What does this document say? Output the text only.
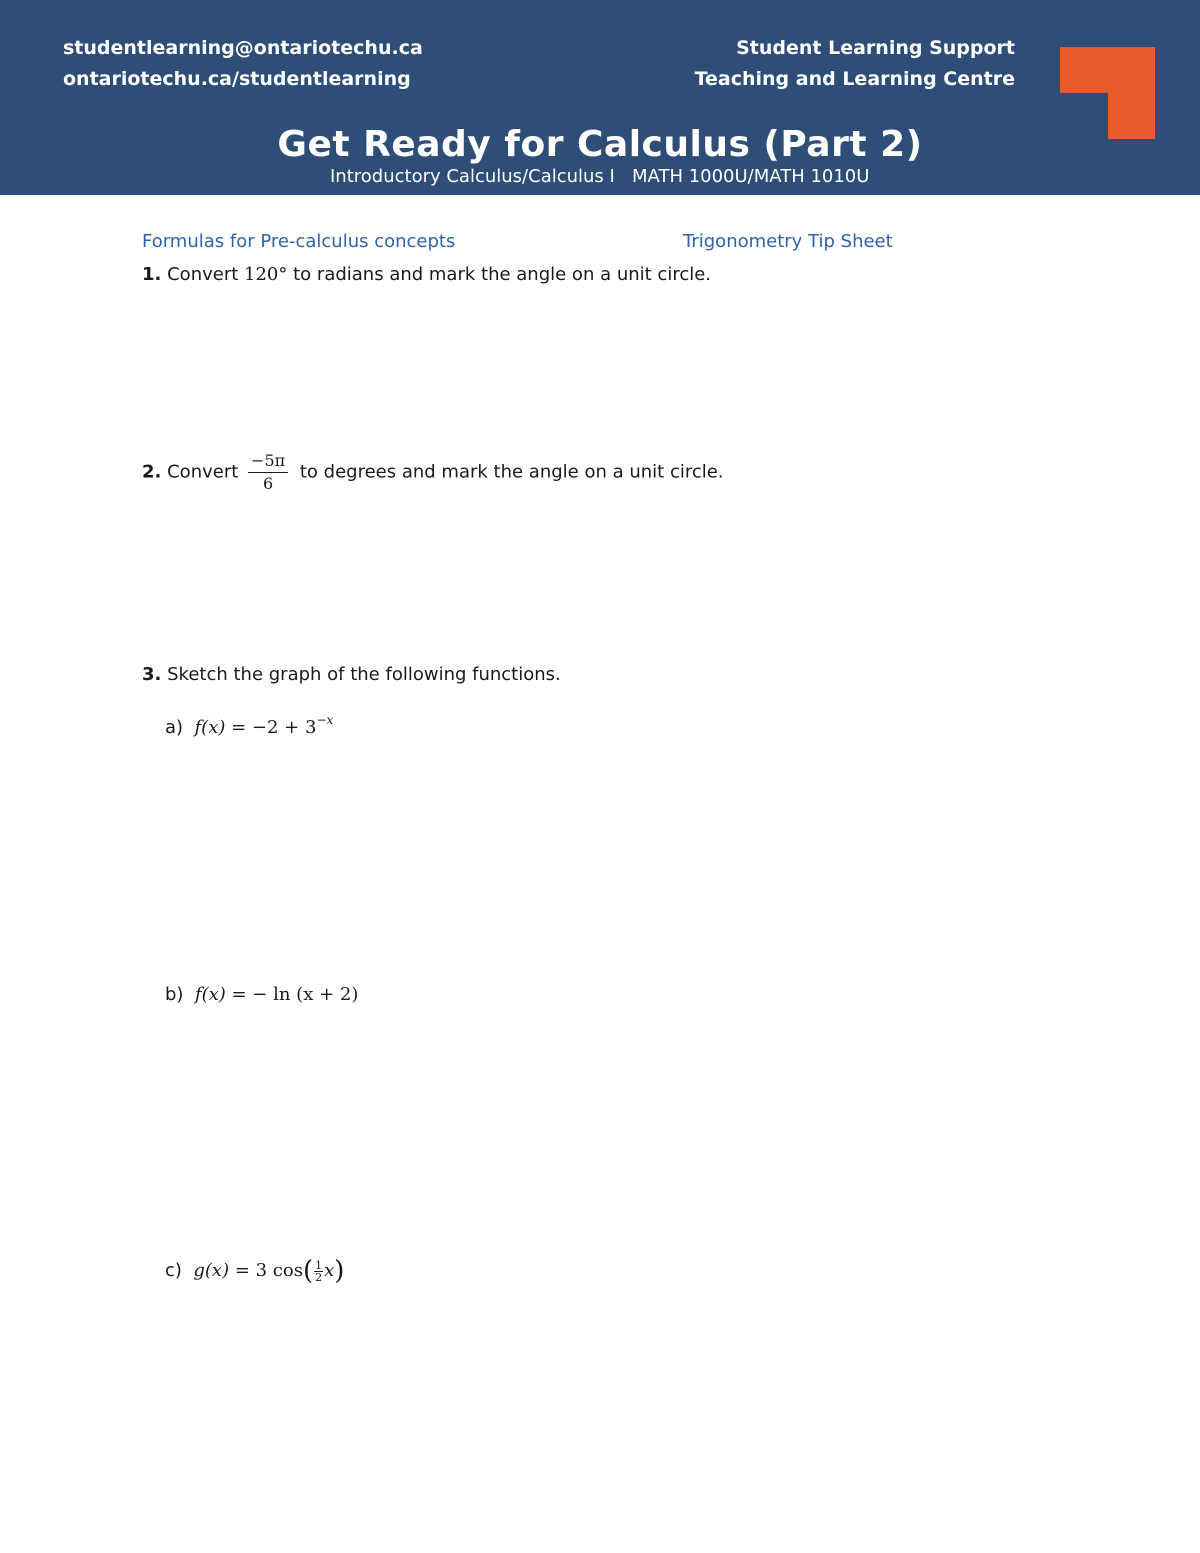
studentlearning@ontariotechu.ca
ontariotechu.ca/studentlearning
Student Learning Support
Teaching and Learning Centre
Get Ready for Calculus (Part 2)
Introductory Calculus/Calculus I MATH 1000U/MATH 1010U
Formulas for Pre-calculus concepts	Trigonometry Tip Sheet
1. Convert 120° to radians and mark the angle on a unit circle.
2. Convert $\frac{-5\pi}{6}$ to degrees and mark the angle on a unit circle.
3. Sketch the graph of the following functions.
a) $f(x) = -2 + 3^{-x}$
b) f(x) = − ln (x + 2)
c) g(x) = 3 $\cos( \frac{1}{2}x)$
